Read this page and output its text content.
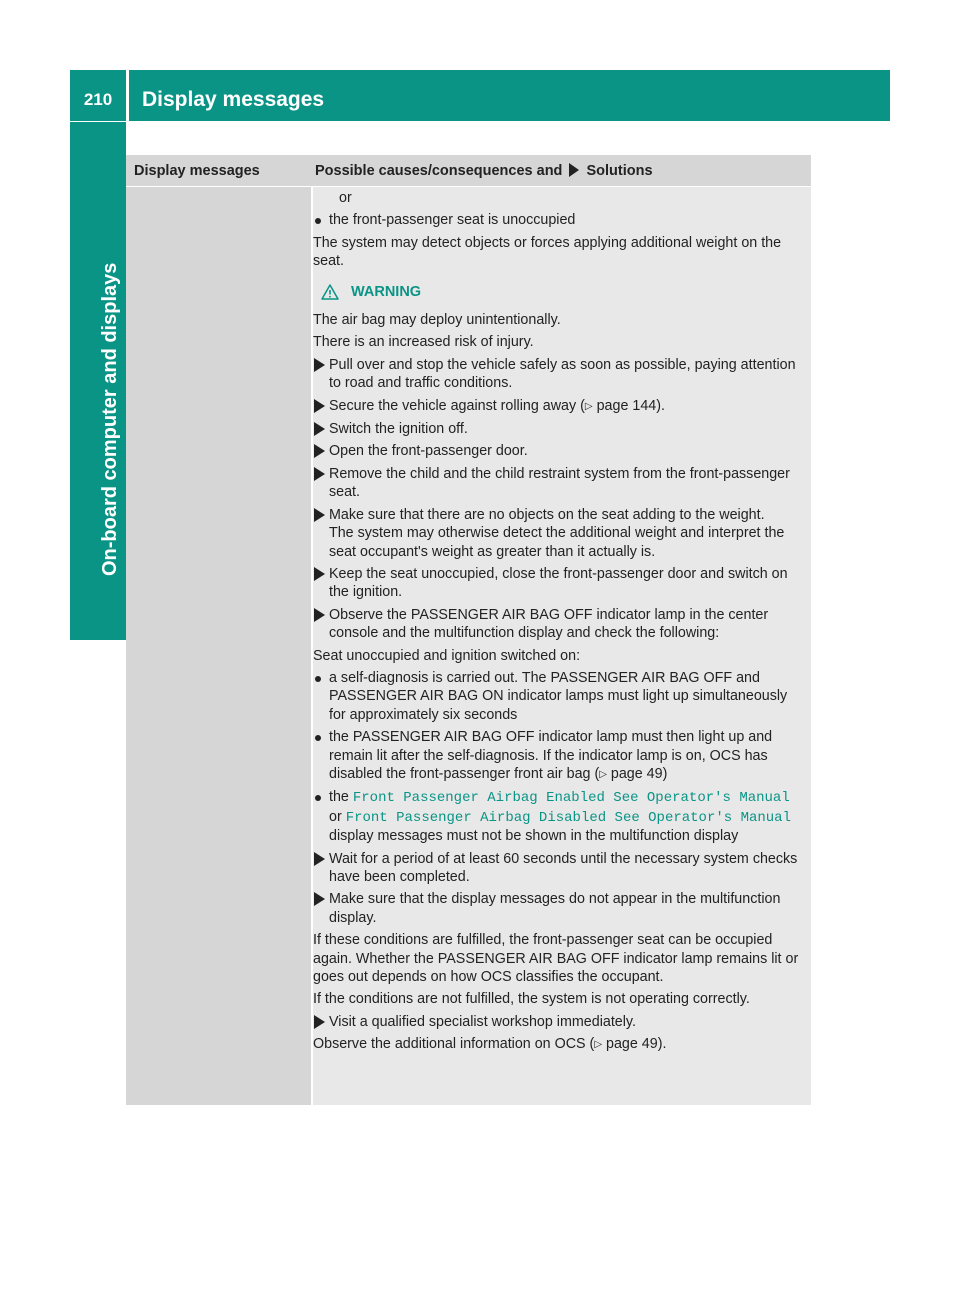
210	Display messages
On-board computer and displays
Display messages	Possible causes/consequences and Solutions
or
the front-passenger seat is unoccupied
The system may detect objects or forces applying additional weight on the seat.
WARNING
The air bag may deploy unintentionally.
There is an increased risk of injury.
Pull over and stop the vehicle safely as soon as possible, paying attention to road and traffic conditions.
Secure the vehicle against rolling away (▷ page 144).
Switch the ignition off.
Open the front-passenger door.
Remove the child and the child restraint system from the front-passenger seat.
Make sure that there are no objects on the seat adding to the weight.
The system may otherwise detect the additional weight and interpret the seat occupant's weight as greater than it actually is.
Keep the seat unoccupied, close the front-passenger door and switch on the ignition.
Observe the PASSENGER AIR BAG OFF indicator lamp in the center console and the multifunction display and check the following:
Seat unoccupied and ignition switched on:
a self-diagnosis is carried out. The PASSENGER AIR BAG OFF and PASSENGER AIR BAG ON indicator lamps must light up simultaneously for approximately six seconds
the PASSENGER AIR BAG OFF indicator lamp must then light up and remain lit after the self-diagnosis. If the indicator lamp is on, OCS has disabled the front-passenger front air bag (▷ page 49)
the Front Passenger Airbag Enabled See Operator's Manual or Front Passenger Airbag Disabled See Operator's Manual display messages must not be shown in the multifunction display
Wait for a period of at least 60 seconds until the necessary system checks have been completed.
Make sure that the display messages do not appear in the multifunction display.
If these conditions are fulfilled, the front-passenger seat can be occupied again. Whether the PASSENGER AIR BAG OFF indicator lamp remains lit or goes out depends on how OCS classifies the occupant.
If the conditions are not fulfilled, the system is not operating correctly.
Visit a qualified specialist workshop immediately.
Observe the additional information on OCS (▷ page 49).
